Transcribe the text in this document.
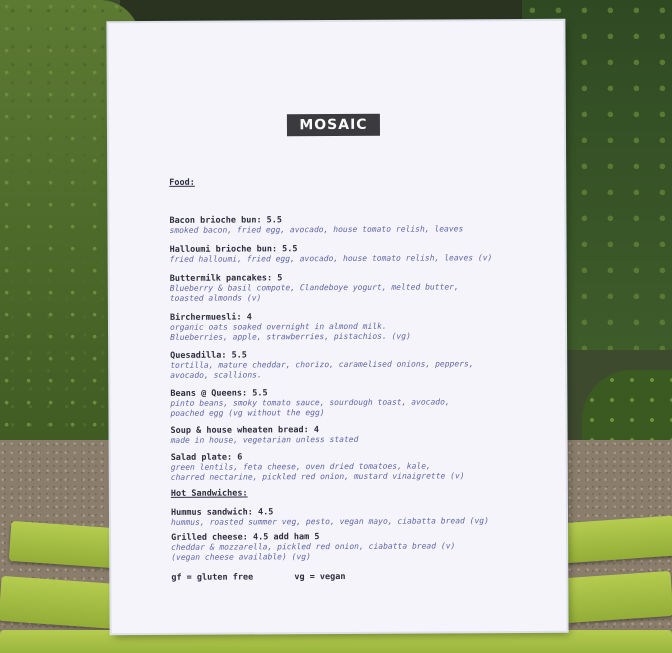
MOSAIC
Food:
Bacon brioche bun: 5.5
smoked bacon, fried egg, avocado, house tomato relish, leaves
Halloumi brioche bun: 5.5
fried halloumi, fried egg, avocado, house tomato relish, leaves (v)
Buttermilk pancakes: 5
Blueberry & basil compote, Clandeboye yogurt, melted butter,
toasted almonds (v)
Birchermuesli: 4
organic oats soaked overnight in almond milk.
Blueberries, apple, strawberries, pistachios. (vg)
Quesadilla: 5.5
tortilla, mature cheddar, chorizo, caramelised onions, peppers,
avocado, scallions.
Beans @ Queens: 5.5
pinto beans, smoky tomato sauce, sourdough toast, avocado,
poached egg (vg without the egg)
Soup & house wheaten bread: 4
made in house, vegetarian unless stated
Salad plate: 6
green lentils, feta cheese, oven dried tomatoes, kale,
charred nectarine, pickled red onion, mustard vinaigrette (v)
Hot Sandwiches:
Hummus sandwich: 4.5
hummus, roasted summer veg, pesto, vegan mayo, ciabatta bread (vg)
Grilled cheese: 4.5 add ham 5
cheddar & mozzarella, pickled red onion, ciabatta bread (v)
(vegan cheese available) (vg)
gf = gluten free	vg = vegan
